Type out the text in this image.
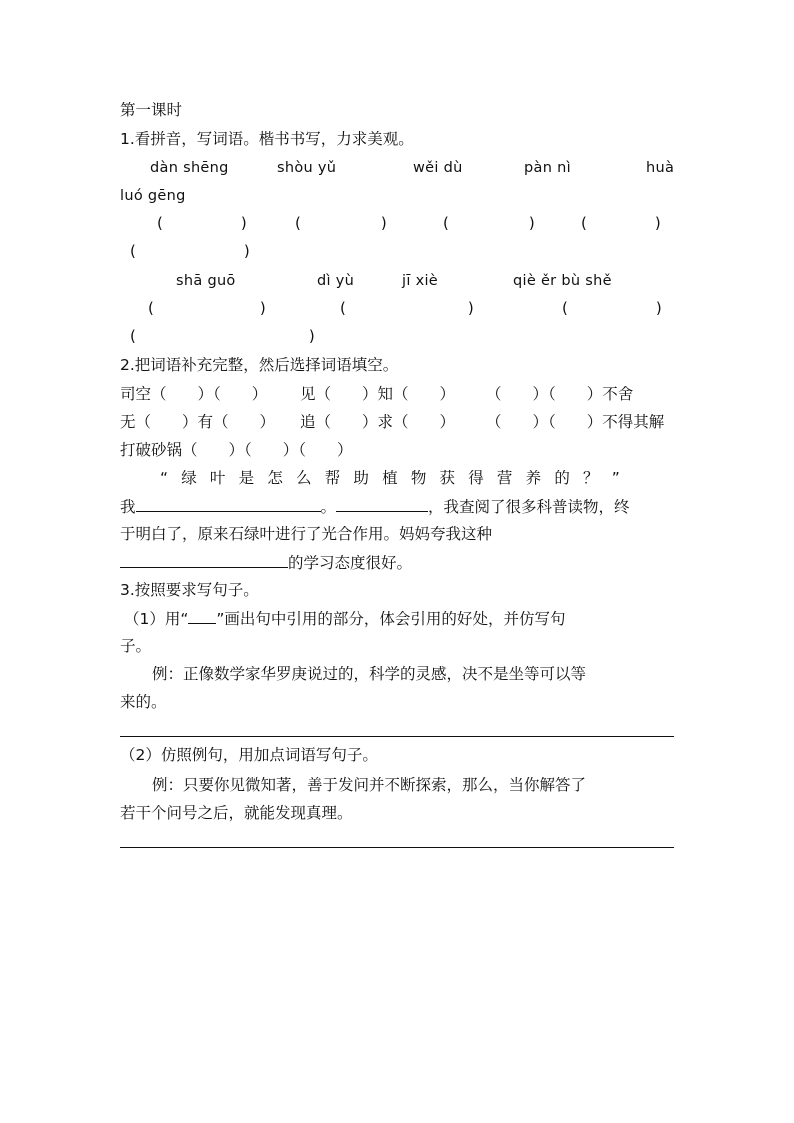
第一课时
1.看拼音，写词语。楷书书写，力求美观。
dàn shēng	shòu yǔ	wěi dù	pàn nì	huà
luó gēng
(	)	(	)	(	)	(	)
(	)
shā guō	dì yù	jī xiè	qiè ěr bù shě
(	)	(	)	(	)
(	)
2.把词语补充完整，然后选择词语填空。
司空（　　）（　　） 见（　　）知（　　） （　　）（　　）不舍
无（　　）有（　　） 追（　　）求（　　） （　　）（　　）不得其解
打破砂锅（　　）（　　）（　　）
“绿叶是怎么帮助植物获得营养的？”
我	。	，我查阅了很多科普读物，终
于明白了，原来石绿叶进行了光合作用。妈妈夸我这种
的学习态度很好。
3.按照要求写句子。
（1）用“ ”画出句中引用的部分，体会引用的好处，并仿写句
子。
例：正像数学家华罗庚说过的，科学的灵感，决不是坐等可以等
来的。
（2）仿照例句，用加点词语写句子。
例：只要你见微知著，善于发问并不断探索，那么，当你解答了
若干个问号之后，就能发现真理。
